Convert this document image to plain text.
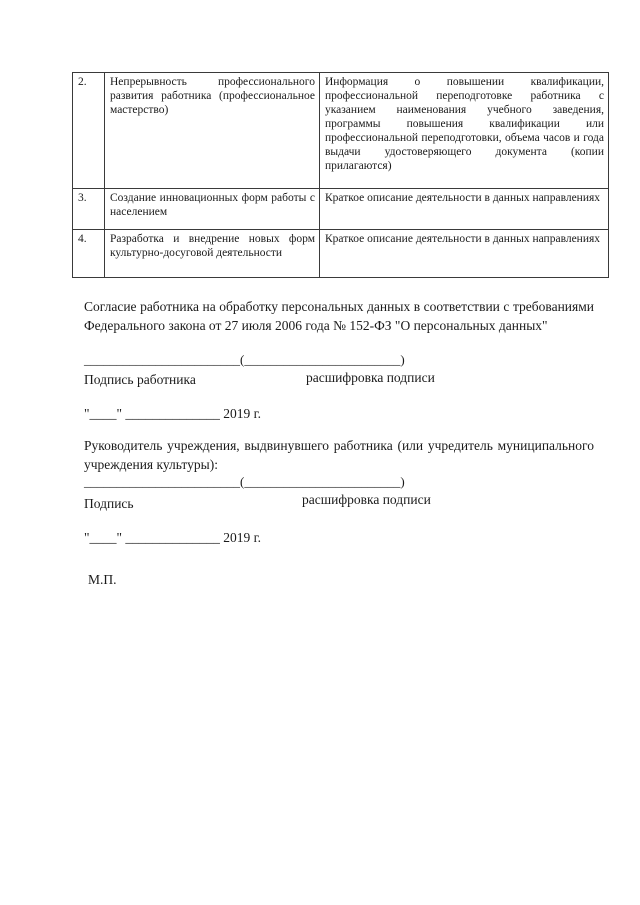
2.	Непрерывность профессионального развития работника (профессиональное мастерство)	Информация о повышении квалификации, профессиональной переподготовке работника с указанием наименования учебного заведения, программы повышения квалификации или профессиональной переподготовки, объема часов и года выдачи удостоверяющего документа (копии прилагаются)
3.	Создание инновационных форм работы с населением	Краткое описание деятельности в данных направлениях
4.	Разработка и внедрение новых форм культурно-досуговой деятельности	Краткое описание деятельности в данных направлениях
Согласие работника на обработку персональных данных в соответствии с требованиями Федерального закона от 27 июля 2006 года № 152-ФЗ "О персональных данных"
________________________(________________________)
Подпись работника	расшифровка подписи
"____" ______________ 2019 г.
Руководитель учреждения, выдвинувшего работника (или учредитель муниципального учреждения культуры):
________________________(________________________)
Подпись	расшифровка подписи
"____" ______________ 2019 г.
М.П.
